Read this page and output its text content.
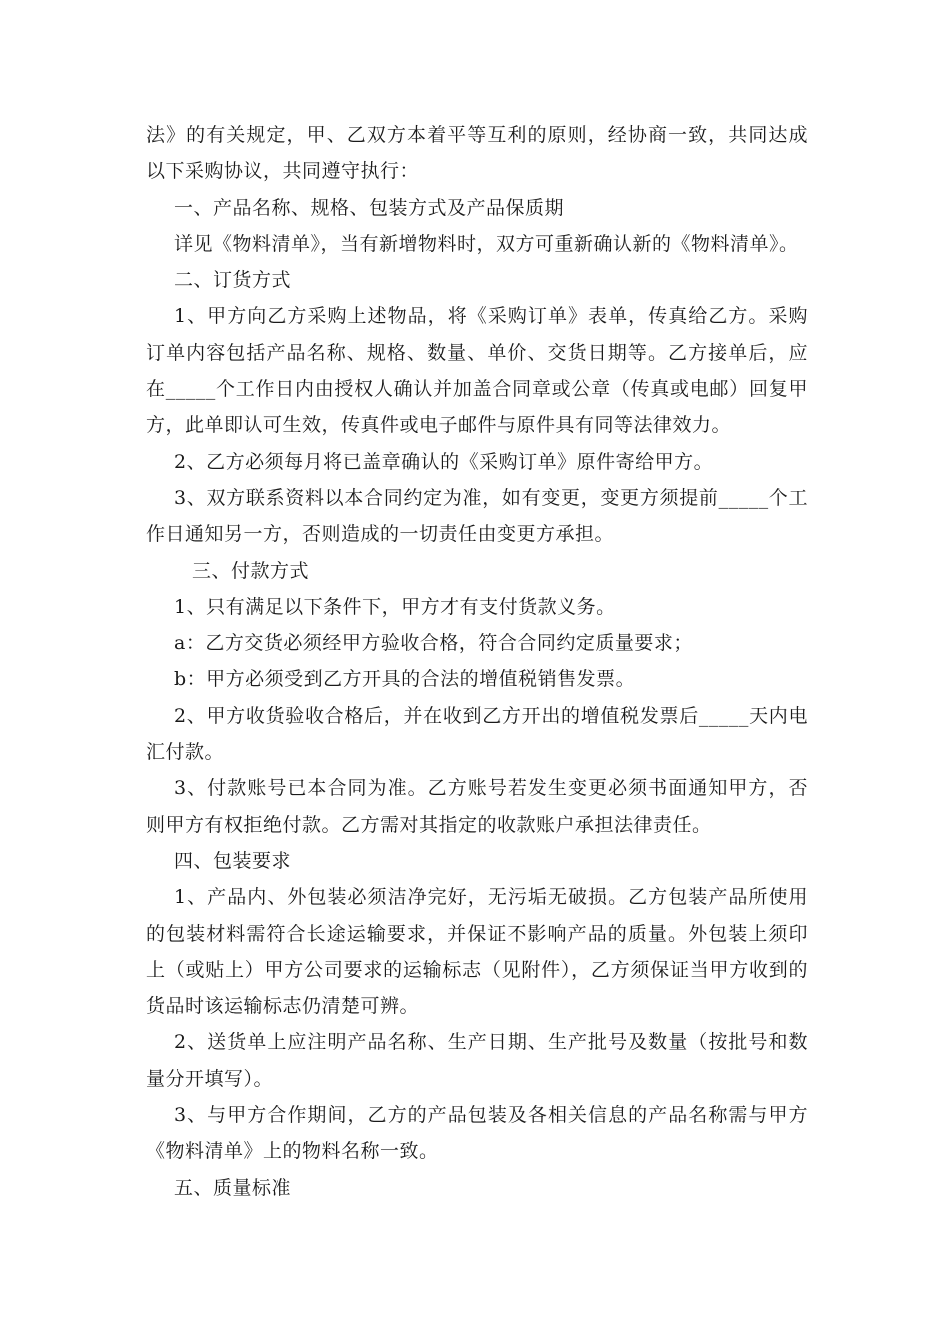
法》的有关规定，甲、乙双方本着平等互利的原则，经协商一致，共同达成以下采购协议，共同遵守执行：

一、产品名称、规格、包装方式及产品保质期

详见《物料清单》，当有新增物料时，双方可重新确认新的《物料清单》。

二、订货方式

1、甲方向乙方采购上述物品，将《采购订单》表单，传真给乙方。采购订单内容包括产品名称、规格、数量、单价、交货日期等。乙方接单后，应在_____个工作日内由授权人确认并加盖合同章或公章（传真或电邮）回复甲方，此单即认可生效，传真件或电子邮件与原件具有同等法律效力。

2、乙方必须每月将已盖章确认的《采购订单》原件寄给甲方。

3、双方联系资料以本合同约定为准，如有变更，变更方须提前_____个工作日通知另一方，否则造成的一切责任由变更方承担。

三、付款方式

1、只有满足以下条件下，甲方才有支付货款义务。

a：乙方交货必须经甲方验收合格，符合合同约定质量要求；

b：甲方必须受到乙方开具的合法的增值税销售发票。

2、甲方收货验收合格后，并在收到乙方开出的增值税发票后_____天内电汇付款。

3、付款账号已本合同为准。乙方账号若发生变更必须书面通知甲方，否则甲方有权拒绝付款。乙方需对其指定的收款账户承担法律责任。

四、包装要求

1、产品内、外包装必须洁净完好，无污垢无破损。乙方包装产品所使用的包装材料需符合长途运输要求，并保证不影响产品的质量。外包装上须印上（或贴上）甲方公司要求的运输标志（见附件），乙方须保证当甲方收到的货品时该运输标志仍清楚可辨。

2、送货单上应注明产品名称、生产日期、生产批号及数量（按批号和数量分开填写）。

3、与甲方合作期间，乙方的产品包装及各相关信息的产品名称需与甲方《物料清单》上的物料名称一致。

五、质量标准
